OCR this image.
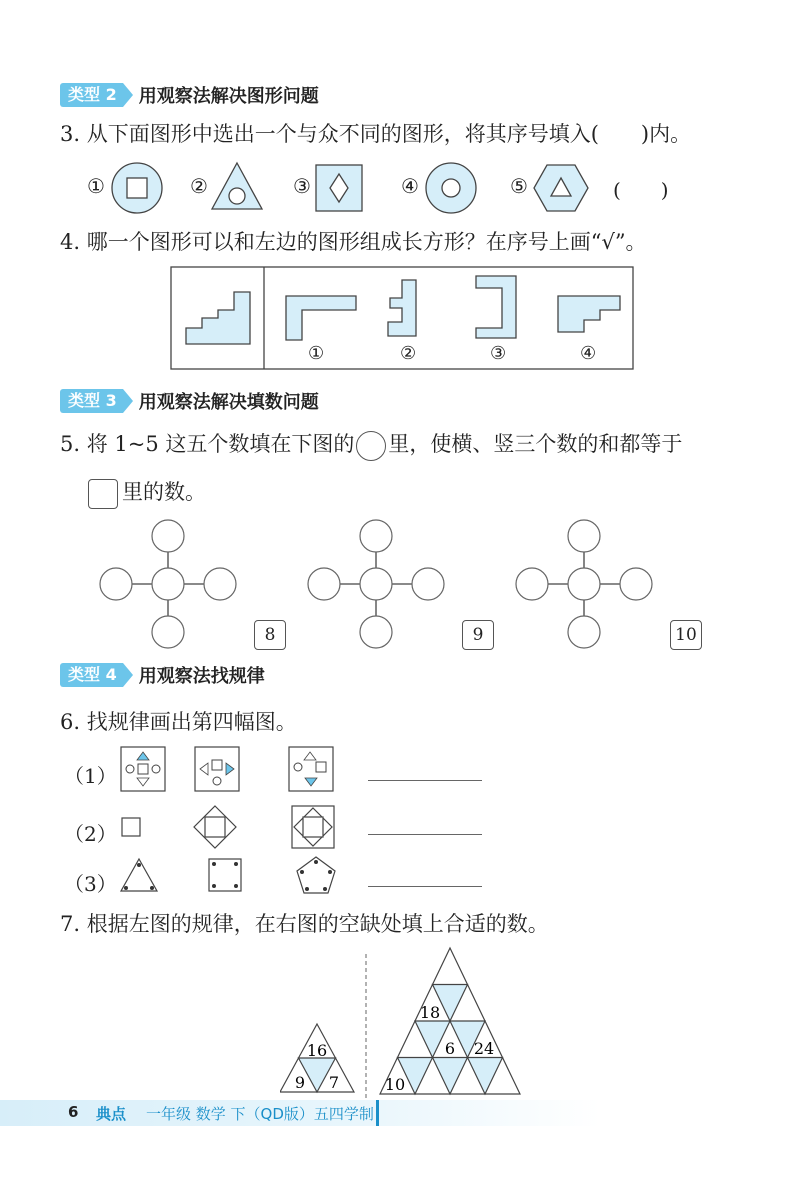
类型 2	用观察法解决图形问题
3. 从下面图形中选出一个与众不同的图形，将其序号填入(　　)内。
①	②	③	④	⑤	(　　)
4. 哪一个图形可以和左边的图形组成长方形？在序号上画“√”。
①	②	③	④
类型 3	用观察法解决填数问题
5. 将 1~5 这五个数填在下图的 里，使横、竖三个数的和都等于
里的数。
8	9	10
类型 4	用观察法找规律
6. 找规律画出第四幅图。
（1）
（2）
（3）
7. 根据左图的规律，在右图的空缺处填上合适的数。
16
9 7
18
6 24
10
6 典点 一年级 数学 下（QD版）五四学制
